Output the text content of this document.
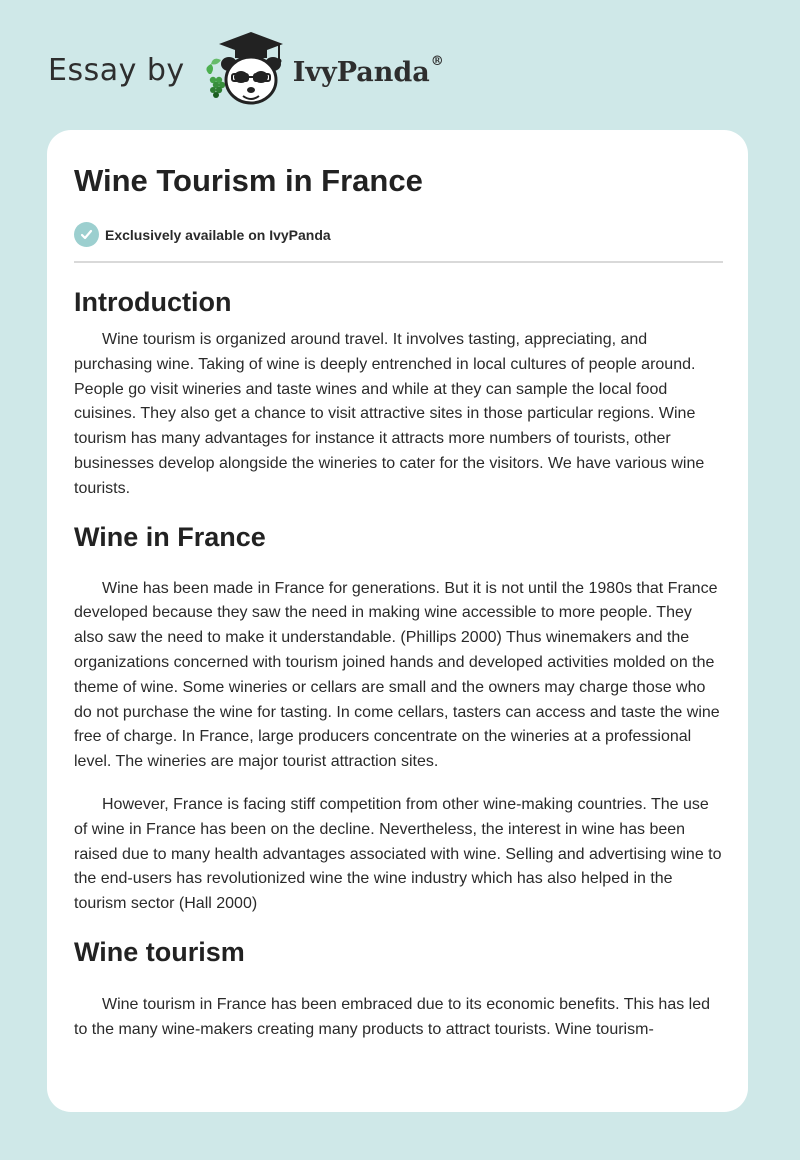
Essay by	IvyPanda®
Wine Tourism in France
Exclusively available on IvyPanda
Introduction

Wine tourism is organized around travel. It involves tasting, appreciating, and purchasing wine. Taking of wine is deeply entrenched in local cultures of people around. People go visit wineries and taste wines and while at they can sample the local food cuisines. They also get a chance to visit attractive sites in those particular regions. Wine tourism has many advantages for instance it attracts more numbers of tourists, other businesses develop alongside the wineries to cater for the visitors. We have various wine tourists.

Wine in France

Wine has been made in France for generations. But it is not until the 1980s that France developed because they saw the need in making wine accessible to more people. They also saw the need to make it understandable. (Phillips 2000) Thus winemakers and the organizations concerned with tourism joined hands and developed activities molded on the theme of wine. Some wineries or cellars are small and the owners may charge those who do not purchase the wine for tasting. In come cellars, tasters can access and taste the wine free of charge. In France, large producers concentrate on the wineries at a professional level. The wineries are major tourist attraction sites.

However, France is facing stiff competition from other wine-making countries. The use of wine in France has been on the decline. Nevertheless, the interest in wine has been raised due to many health advantages associated with wine. Selling and advertising wine to the end-users has revolutionized wine the wine industry which has also helped in the tourism sector (Hall 2000)

Wine tourism

Wine tourism in France has been embraced due to its economic benefits. This has led to the many wine-makers creating many products to attract tourists. Wine tourism-
